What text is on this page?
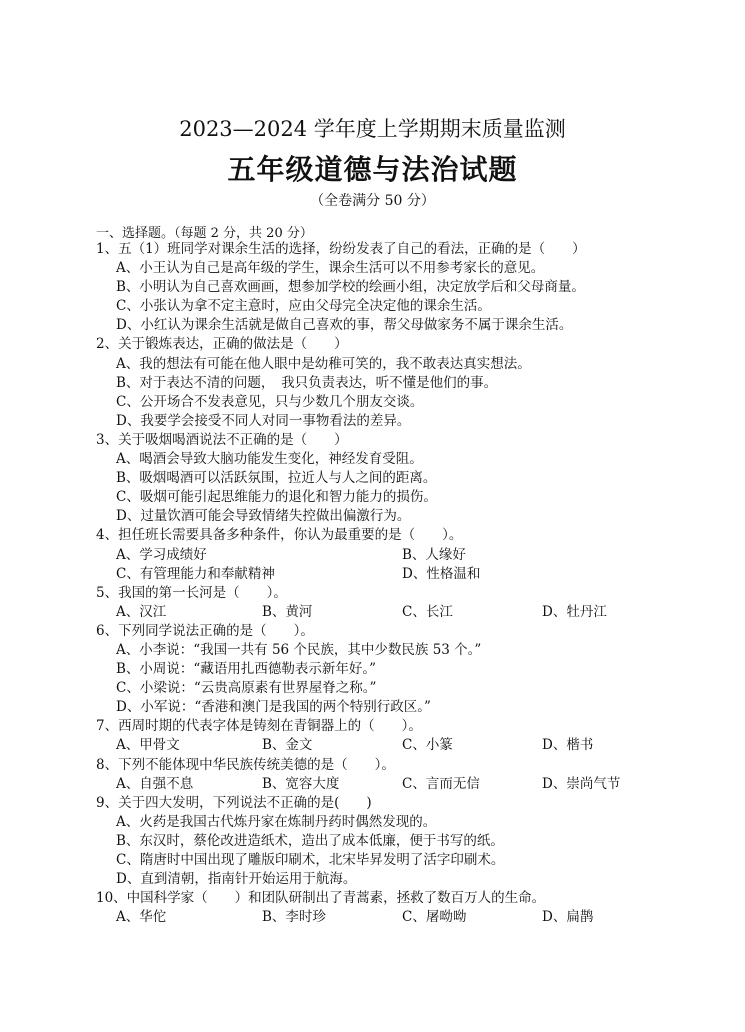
2023—2024 学年度上学期期末质量监测
五年级道德与法治试题
（全卷满分 50 分）
一、选择题。（每题 2 分，共 20 分）
1、五（1）班同学对课余生活的选择，纷纷发表了自己的看法，正确的是（　　）
A、小王认为自己是高年级的学生，课余生活可以不用参考家长的意见。
B、小明认为自己喜欢画画，想参加学校的绘画小组，决定放学后和父母商量。
C、小张认为拿不定主意时，应由父母完全决定他的课余生活。
D、小红认为课余生活就是做自己喜欢的事，帮父母做家务不属于课余生活。
2、关于锻炼表达，正确的做法是（　　）
A、我的想法有可能在他人眼中是幼稚可笑的，我不敢表达真实想法。
B、对于表达不清的问题，　我只负责表达，听不懂是他们的事。
C、公开场合不发表意见，只与少数几个朋友交谈。
D、我要学会接受不同人对同一事物看法的差异。
3、关于吸烟喝酒说法不正确的是（　　）
A、喝酒会导致大脑功能发生变化，神经发育受阻。
B、吸烟喝酒可以活跃氛围，拉近人与人之间的距离。
C、吸烟可能引起思维能力的退化和智力能力的损伤。
D、过量饮酒可能会导致情绪失控做出偏激行为。
4、担任班长需要具备多种条件，你认为最重要的是（　　）。
A、学习成绩好	B、人缘好
C、有管理能力和奉献精神	D、性格温和
5、我国的第一长河是（　　）。
A、汉江	B、黄河	C、长江	D、牡丹江
6、下列同学说法正确的是（　　）。
A、小李说：“我国一共有 56 个民族，其中少数民族 53 个。”
B、小周说：“藏语用扎西德勒表示新年好。”
C、小梁说：“云贵高原素有世界屋脊之称。”
D、小军说：“香港和澳门是我国的两个特别行政区。”
7、西周时期的代表字体是铸刻在青铜器上的（　　）。
A、甲骨文	B、金文	C、小篆	D、楷书
8、下列不能体现中华民族传统美德的是（　　）。
A、自强不息	B、宽容大度	C、言而无信	D、崇尚气节
9、关于四大发明，下列说法不正确的是(　　)
A、火药是我国古代炼丹家在炼制丹药时偶然发现的。
B、东汉时，蔡伦改进造纸术，造出了成本低廉，便于书写的纸。
C、隋唐时中国出现了雕版印刷术，北宋毕昇发明了活字印刷术。
D、直到清朝，指南针开始运用于航海。
10、中国科学家（　　）和团队研制出了青蒿素，拯救了数百万人的生命。
A、华佗	B、李时珍	C、屠呦呦	D、扁鹊
